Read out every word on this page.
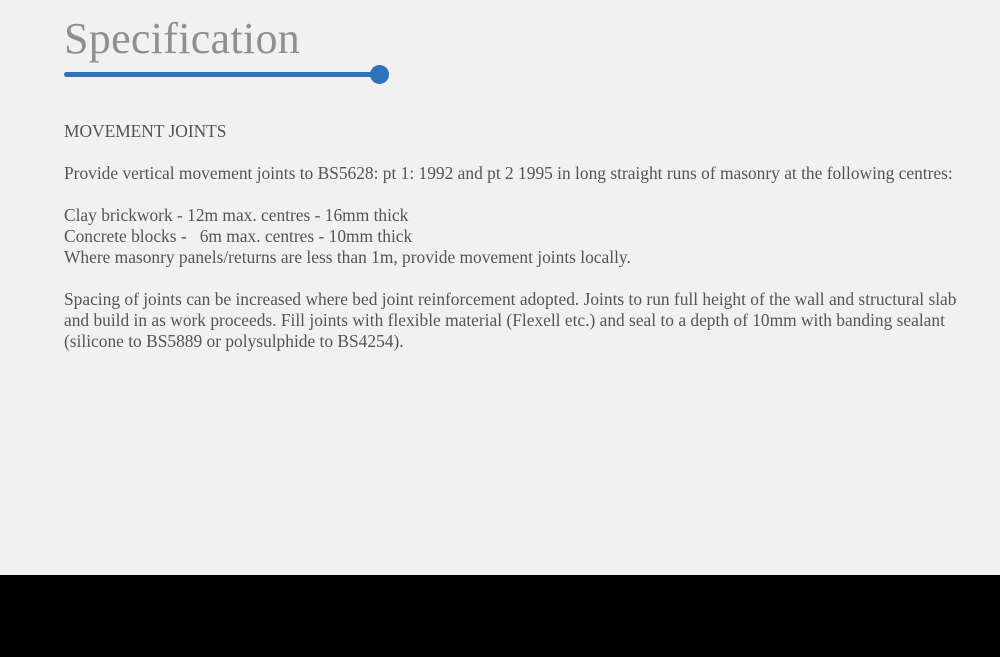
Specification

MOVEMENT JOINTS

Provide vertical movement joints to BS5628: pt 1: 1992 and pt 2 1995 in long straight runs of masonry at the following centres:

Clay brickwork - 12m max. centres - 16mm thick
Concrete blocks -   6m max. centres - 10mm thick
Where masonry panels/returns are less than 1m, provide movement joints locally.

Spacing of joints can be increased where bed joint reinforcement adopted. Joints to run full height of the wall and structural slab and build in as work proceeds. Fill joints with flexible material (Flexell etc.) and seal to a depth of 10mm with banding sealant (silicone to BS5889 or polysulphide to BS4254).
